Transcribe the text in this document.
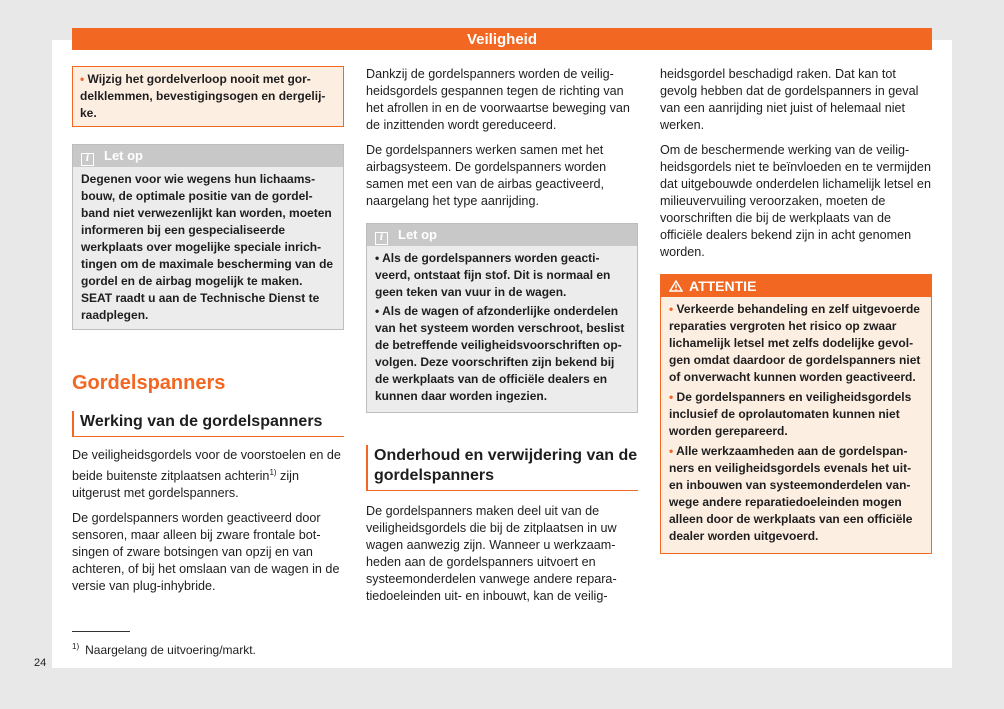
Veiligheid
• Wijzig het gordelverloop nooit met gordelklemmen, bevestigingsogen en dergelijke.
i Let op
Degenen voor wie wegens hun lichaamsbouw, de optimale positie van de gordelband niet verwezenlijkt kan worden, moeten informeren bij een gespecialiseerde werkplaats over mogelijke speciale inrichtingen om de maximale bescherming van de gordel en de airbag mogelijk te maken. SEAT raadt u aan de Technische Dienst te raadplegen.
Gordelspanners
Werking van de gordelspanners

De veiligheidsgordels voor de voorstoelen en de beide buitenste zitplaatsen achterin$^{1)}$ zijn uitgerust met gordelspanners.

De gordelspanners worden geactiveerd door sensoren, maar alleen bij zware frontale botsingen of zware botsingen van opzij en van achteren, of bij het omslaan van de wagen in de versie van plug-inhybride.

Dankzij de gordelspanners worden de veiligheidsgordels gespannen tegen de richting van het afrollen in en de voorwaartse beweging van de inzittenden wordt gereduceerd.

De gordelspanners werken samen met het airbagsysteem. De gordelspanners worden samen met een van de airbas geactiveerd, naargelang het type aanrijding.

i Let op
• Als de gordelspanners worden geactiveerd, ontstaat fijn stof. Dit is normaal en geen teken van vuur in de wagen.
• Als de wagen of afzonderlijke onderdelen van het systeem worden verschroot, beslist de betreffende veiligheidsvoorschriften opvolgen. Deze voorschriften zijn bekend bij de werkplaats van de officiële dealers en kunnen daar worden ingezien.
Onderhoud en verwijdering van de gordelspanners

De gordelspanners maken deel uit van de veiligheidsgordels die bij de zitplaatsen in uw wagen aanwezig zijn. Wanneer u werkzaamheden aan de gordelspanners uitvoert en systeemonderdelen vanwege andere reparatiedoeleinden uit- en inbouwt, kan de veilig-

heidsgordel beschadigd raken. Dat kan tot gevolg hebben dat de gordelspanners in geval van een aanrijding niet juist of helemaal niet werken.

Om de beschermende werking van de veiligheidsgordels niet te beïnvloeden en te vermijden dat uitgebouwde onderdelen lichamelijk letsel en milieuvervuiling veroorzaken, moeten de voorschriften die bij de werkplaats van de officiële dealers bekend zijn in acht genomen worden.

ATTENTIE
• Verkeerde behandeling en zelf uitgevoerde reparaties vergroten het risico op zwaar lichamelijk letsel met zelfs dodelijke gevolgen omdat daardoor de gordelspanners niet of onverwacht kunnen worden geactiveerd.
• De gordelspanners en veiligheidsgordels inclusief de oprolautomaten kunnen niet worden gerepareerd.
• Alle werkzaamheden aan de gordelspanners en veiligheidsgordels evenals het uit- en inbouwen van systeemonderdelen vanwege andere reparatiedoeleinden mogen alleen door de werkplaats van een officiële dealer worden uitgevoerd.
$^{1)}$ Naargelang de uitvoering/markt.
24
